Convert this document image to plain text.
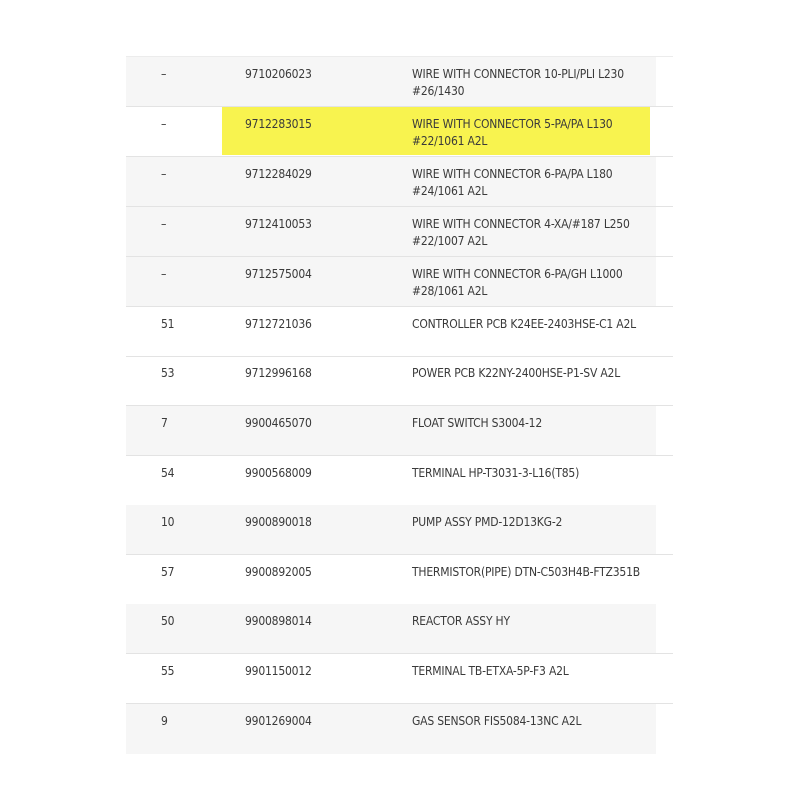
–	9710206023	WIRE WITH CONNECTOR 10-PLI/PLI L230 #26/1430
–	9712283015	WIRE WITH CONNECTOR 5-PA/PA L130 #22/1061 A2L
–	9712284029	WIRE WITH CONNECTOR 6-PA/PA L180 #24/1061 A2L
–	9712410053	WIRE WITH CONNECTOR 4-XA/#187 L250 #22/1007 A2L
–	9712575004	WIRE WITH CONNECTOR 6-PA/GH L1000 #28/1061 A2L
51	9712721036	CONTROLLER PCB K24EE-2403HSE-C1 A2L
53	9712996168	POWER PCB K22NY-2400HSE-P1-SV A2L
7	9900465070	FLOAT SWITCH S3004-12
54	9900568009	TERMINAL HP-T3031-3-L16(T85)
10	9900890018	PUMP ASSY PMD-12D13KG-2
57	9900892005	THERMISTOR(PIPE) DTN-C503H4B-FTZ351B
50	9900898014	REACTOR ASSY HY
55	9901150012	TERMINAL TB-ETXA-5P-F3 A2L
9	9901269004	GAS SENSOR FIS5084-13NC A2L
